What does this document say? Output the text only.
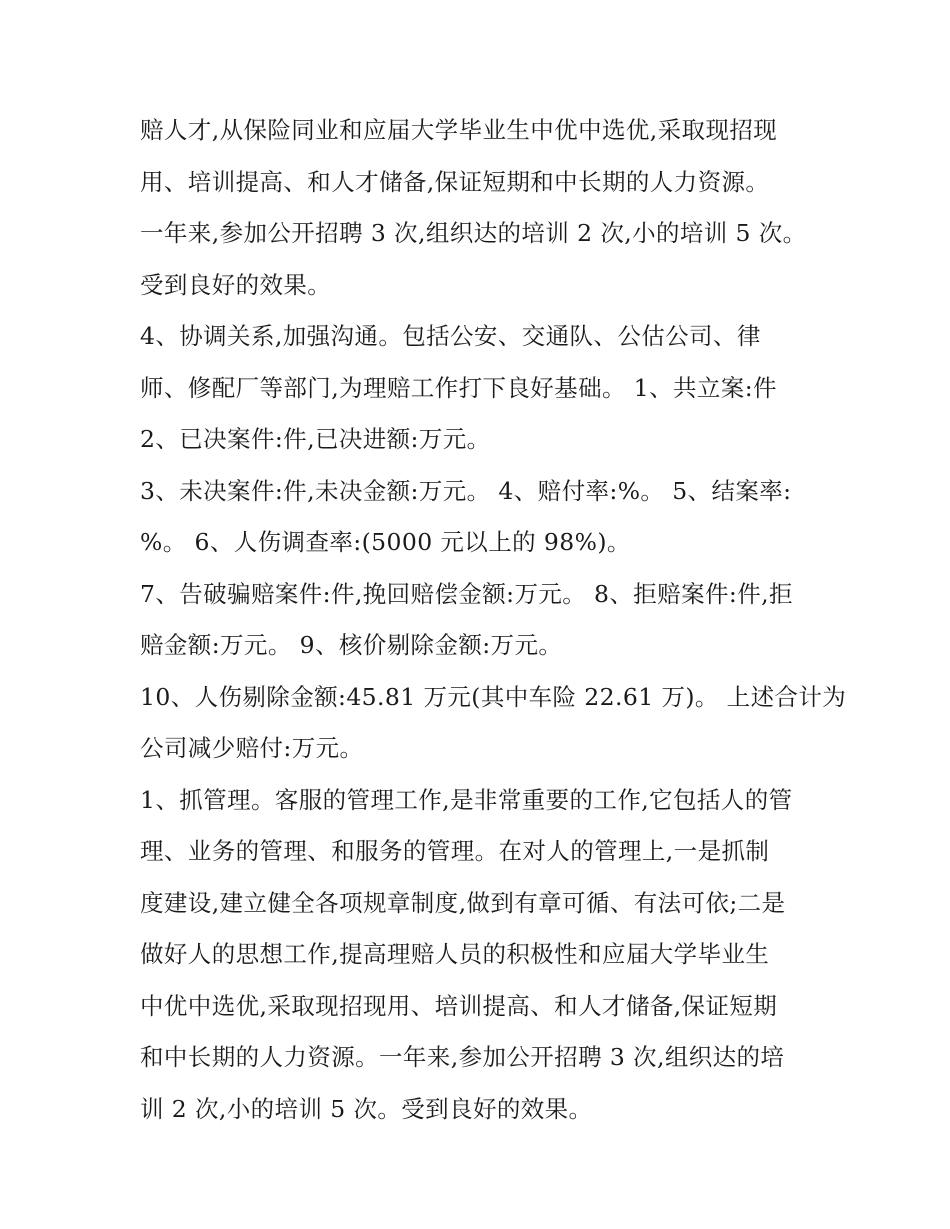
赔人才,从保险同业和应届大学毕业生中优中选优,采取现招现
用、培训提高、和人才储备,保证短期和中长期的人力资源。
一年来,参加公开招聘 3 次,组织达的培训 2 次,小的培训 5 次。
受到良好的效果。
4、协调关系,加强沟通。包括公安、交通队、公估公司、律
师、修配厂等部门,为理赔工作打下良好基础。 1、共立案:件
2、已决案件:件,已决进额:万元。
3、未决案件:件,未决金额:万元。 4、赔付率:%。 5、结案率:
%。 6、人伤调查率:(5000 元以上的 98%)。
7、告破骗赔案件:件,挽回赔偿金额:万元。 8、拒赔案件:件,拒
赔金额:万元。 9、核价剔除金额:万元。
10、人伤剔除金额:45.81 万元(其中车险 22.61 万)。 上述合计为
公司减少赔付:万元。
1、抓管理。客服的管理工作,是非常重要的工作,它包括人的管
理、业务的管理、和服务的管理。在对人的管理上,一是抓制
度建设,建立健全各项规章制度,做到有章可循、有法可依;二是
做好人的思想工作,提高理赔人员的积极性和应届大学毕业生
中优中选优,采取现招现用、培训提高、和人才储备,保证短期
和中长期的人力资源。一年来,参加公开招聘 3 次,组织达的培
训 2 次,小的培训 5 次。受到良好的效果。
